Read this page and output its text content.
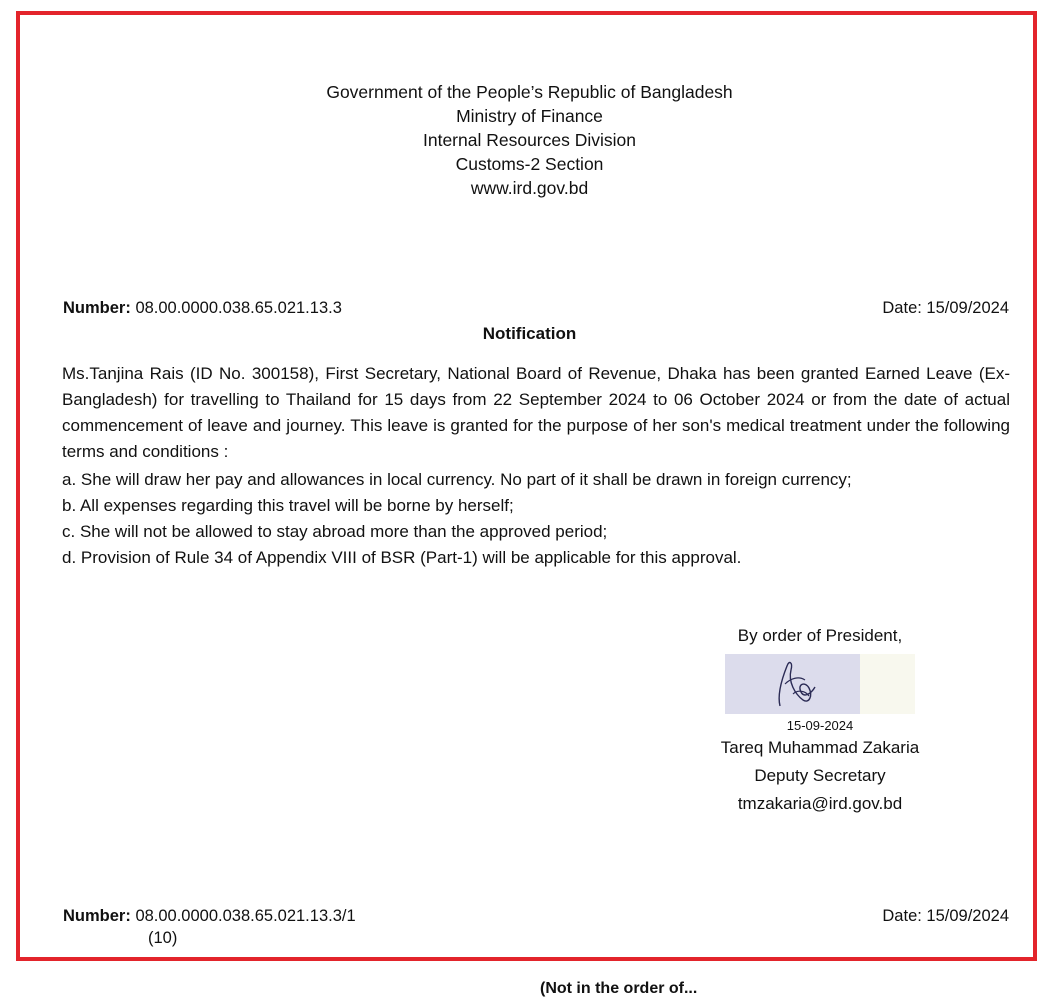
Government of the People’s Republic of Bangladesh
Ministry of Finance
Internal Resources Division
Customs-2 Section
www.ird.gov.bd
Number: 08.00.0000.038.65.021.13.3	Date: 15/09/2024
Notification

Ms.Tanjina Rais (ID No. 300158), First Secretary, National Board of Revenue, Dhaka has been granted Earned Leave (Ex-Bangladesh) for travelling to Thailand for 15 days from 22 September 2024 to 06 October 2024 or from the date of actual commencement of leave and journey. This leave is granted for the purpose of her son's medical treatment under the following terms and conditions :

a. She will draw her pay and allowances in local currency. No part of it shall be drawn in foreign currency;
b. All expenses regarding this travel will be borne by herself;
c. She will not be allowed to stay abroad more than the approved period;
d. Provision of Rule 34 of Appendix VIII of BSR (Part-1) will be applicable for this approval.
By order of President,
15-09-2024
Tareq Muhammad Zakaria
Deputy Secretary
tmzakaria@ird.gov.bd
Number: 08.00.0000.038.65.021.13.3/1	Date: 15/09/2024
(10)
(Not in the order of...
